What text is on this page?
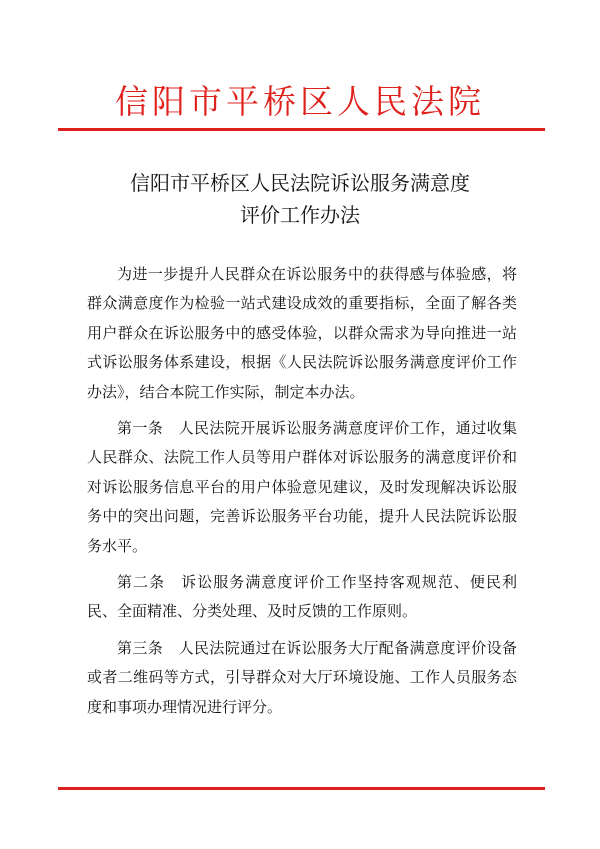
信阳市平桥区人民法院
信阳市平桥区人民法院诉讼服务满意度
评价工作办法

为进一步提升人民群众在诉讼服务中的获得感与体验感，将群众满意度作为检验一站式建设成效的重要指标，全面了解各类用户群众在诉讼服务中的感受体验，以群众需求为导向推进一站式诉讼服务体系建设，根据《人民法院诉讼服务满意度评价工作办法》，结合本院工作实际，制定本办法。

第一条　人民法院开展诉讼服务满意度评价工作，通过收集人民群众、法院工作人员等用户群体对诉讼服务的满意度评价和对诉讼服务信息平台的用户体验意见建议，及时发现解决诉讼服务中的突出问题，完善诉讼服务平台功能，提升人民法院诉讼服务水平。

第二条　诉讼服务满意度评价工作坚持客观规范、便民利民、全面精准、分类处理、及时反馈的工作原则。

第三条　人民法院通过在诉讼服务大厅配备满意度评价设备或者二维码等方式，引导群众对大厅环境设施、工作人员服务态度和事项办理情况进行评分。
